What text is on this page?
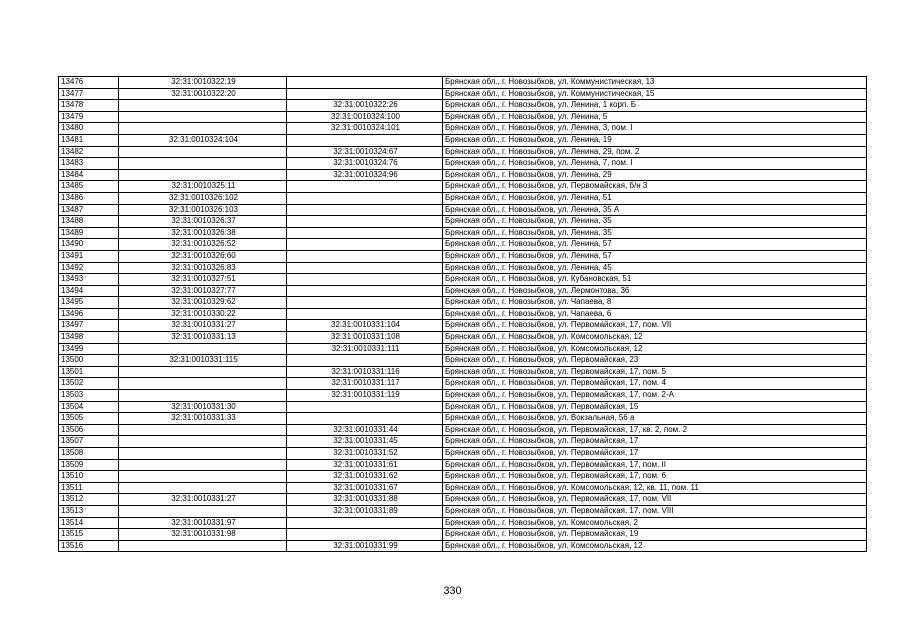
13476	32:31:0010322:19		Брянская обл., г. Новозыбков, ул. Коммунистическая, 13
13477	32:31:0010322:20		Брянская обл., г. Новозыбков, ул. Коммунистическая, 15
13478		32:31:0010322:26	Брянская обл., г. Новозыбков, ул. Ленина, 1 корп. Б
13479		32:31:0010324:100	Брянская обл., г. Новозыбков, ул. Ленина, 5
13480		32:31:0010324:101	Брянская обл., г. Новозыбков, ул. Ленина, 3, пом. I
13481	32:31:0010324:104		Брянская обл., г. Новозыбков, ул. Ленина, 19
13482		32:31:0010324:67	Брянская обл., г. Новозыбков, ул. Ленина, 29, пом. 2
13483		32:31:0010324:76	Брянская обл., г. Новозыбков, ул. Ленина, 7, пом. I
13484		32:31:0010324:96	Брянская обл., г. Новозыбков, ул. Ленина, 29
13485	32:31:0010325:11		Брянская обл., г. Новозыбков, ул. Первомайская, б/н 3
13486	32:31:0010326:102		Брянская обл., г. Новозыбков, ул. Ленина, 51
13487	32:31:0010326:103		Брянская обл., г. Новозыбков, ул. Ленина, 35 А
13488	32:31:0010326:37		Брянская обл., г. Новозыбков, ул. Ленина, 35
13489	32:31:0010326:38		Брянская обл., г. Новозыбков, ул. Ленина, 35
13490	32:31:0010326:52		Брянская обл., г. Новозыбков, ул. Ленина, 57
13491	32:31:0010326:60		Брянская обл., г. Новозыбков, ул. Ленина, 57
13492	32:31:0010326:83		Брянская обл., г. Новозыбков, ул. Ленина, 45
13493	32:31:0010327:51		Брянская обл., г. Новозыбков, ул. Кубановская, 51
13494	32:31:0010327:77		Брянская обл., г. Новозыбков, ул. Лермонтова, 36
13495	32:31:0010329:62		Брянская обл., г. Новозыбков, ул. Чапаева, 8
13496	32:31:0010330:22		Брянская обл., г. Новозыбков, ул. Чапаева, 6
13497	32:31:0010331:27	32:31:0010331:104	Брянская обл., г. Новозыбков, ул. Первомайская, 17, пом. VII
13498	32:31:0010331:13	32:31:0010331:108	Брянская обл., г. Новозыбков, ул. Комсомольская, 12
13499		32:31:0010331:111	Брянская обл., г. Новозыбков, ул. Комсомольская, 12
13500	32:31:0010331:115		Брянская обл., г. Новозыбков, ул. Первомайская, 23
13501		32:31:0010331:116	Брянская обл., г. Новозыбков, ул. Первомайская, 17, пом. 5
13502		32:31:0010331:117	Брянская обл., г. Новозыбков, ул. Первомайская, 17, пом. 4
13503		32:31:0010331:119	Брянская обл., г. Новозыбков, ул. Первомайская, 17, пом. 2-А
13504	32:31:0010331:30		Брянская обл., г. Новозыбков, ул. Первомайская, 15
13505	32:31:0010331:33		Брянская обл., г. Новозыбков, ул. Вокзальная, 56 а
13506		32:31:0010331:44	Брянская обл., г. Новозыбков, ул. Первомайская, 17, кв. 2, пом. 2
13507		32:31:0010331:45	Брянская обл., г. Новозыбков, ул. Первомайская, 17
13508		32:31:0010331:52	Брянская обл., г. Новозыбков, ул. Первомайская, 17
13509		32:31:0010331:61	Брянская обл., г. Новозыбков, ул. Первомайская, 17, пом. II
13510		32:31:0010331:62	Брянская обл., г. Новозыбков, ул. Первомайская, 17, пом. 6
13511		32:31:0010331:67	Брянская обл., г. Новозыбков, ул. Комсомольская, 12, кв. 11, пом. 11
13512	32:31:0010331:27	32:31:0010331:88	Брянская обл., г. Новозыбков, ул. Первомайская, 17, пом. VII
13513		32:31:0010331:89	Брянская обл., г. Новозыбков, ул. Первомайская, 17, пом. VIII
13514	32:31:0010331:97		Брянская обл., г. Новозыбков, ул. Комсомольская, 2
13515	32:31:0010331:98		Брянская обл., г. Новозыбков, ул. Первомайская, 19
13516		32:31:0010331:99	Брянская обл., г. Новозыбков, ул. Комсомольская, 12
330
